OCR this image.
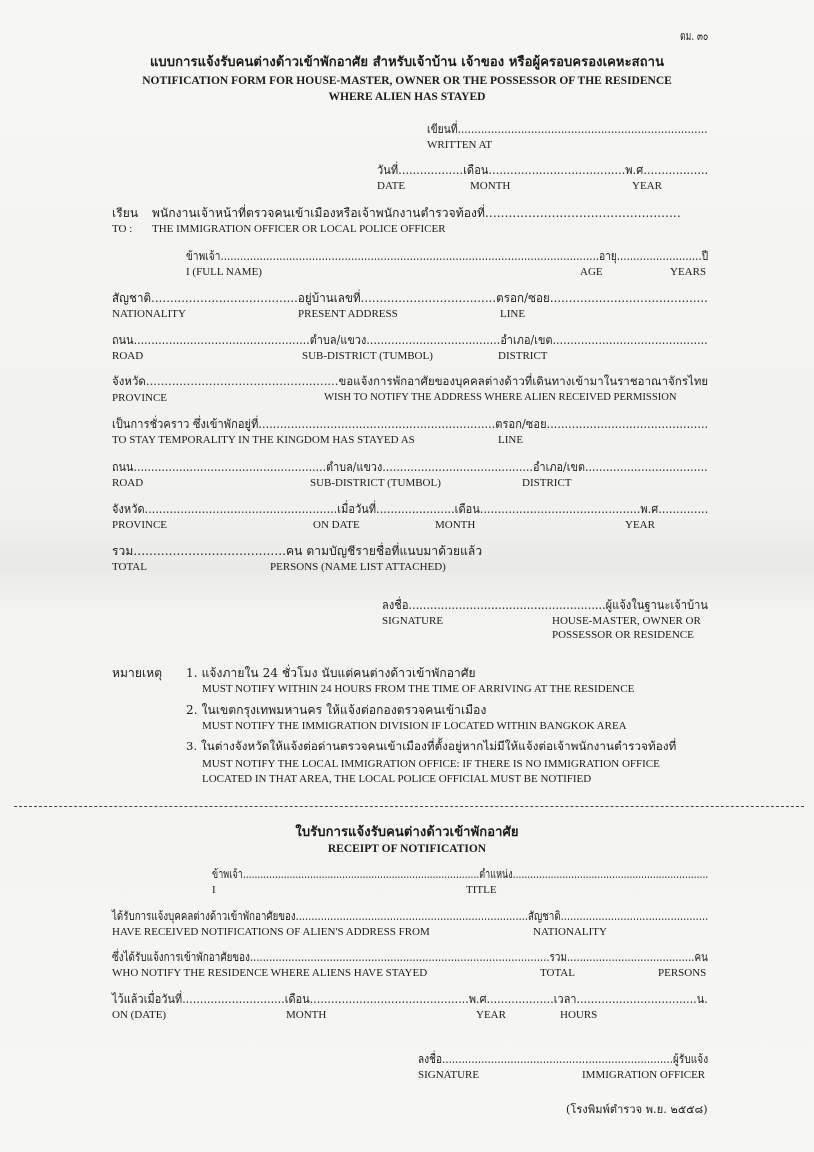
ตม. ๓๐
แบบการแจ้งรับคนต่างด้าวเข้าพักอาศัย สำหรับเจ้าบ้าน เจ้าของ หรือผู้ครอบครองเคหะสถาน
NOTIFICATION FORM FOR HOUSE-MASTER, OWNER OR THE POSSESSOR OF THE RESIDENCE
WHERE ALIEN HAS STAYED
เขียนที่...........................................................................
WRITTEN AT
วันที่..................เดือน......................................พ.ศ..................
DATE	MONTH	YEAR
เรียน พนักงานเจ้าหน้าที่ตรวจคนเข้าเมืองหรือเจ้าพนักงานตำรวจท้องที่..................................................
TO : THE IMMIGRATION OFFICER OR LOCAL POLICE OFFICER
ข้าพเจ้า....................................................................................................................อายุ..........................ปี
I (FULL NAME)	AGE	YEARS
สัญชาติ.......................................อยู่บ้านเลขที่....................................ตรอก/ซอย..........................................
NATIONALITY	PRESENT ADDRESS	LINE
ถนน..................................................ตำบล/แขวง......................................อำเภอ/เขต............................................
ROAD	SUB-DISTRICT (TUMBOL)	DISTRICT
จังหวัด....................................................ขอแจ้งการพักอาศัยของบุคคลต่างด้าวที่เดินทางเข้ามาในราชอาณาจักรไทย
PROVINCE	WISH TO NOTIFY THE ADDRESS WHERE ALIEN RECEIVED PERMISSION
เป็นการชั่วคราว ซึ่งเข้าพักอยู่ที่..................................................................ตรอก/ซอย.............................................
TO STAY TEMPORALITY IN THE KINGDOM HAS STAYED AS	LINE
ถนน.......................................................ตำบล/แขวง...........................................อำเภอ/เขต...................................
ROAD	SUB-DISTRICT (TUMBOL)	DISTRICT
จังหวัด......................................................เมื่อวันที่......................เดือน.............................................พ.ศ..............
PROVINCE	ON DATE	MONTH	YEAR
รวม.......................................คน ตามบัญชีรายชื่อที่แนบมาด้วยแล้ว
TOTAL	PERSONS (NAME LIST ATTACHED)
ลงชื่อ.......................................................ผู้แจ้งในฐานะเจ้าบ้าน
SIGNATURE	HOUSE-MASTER, OWNER OR
POSSESSOR OR RESIDENCE
หมายเหตุ 1. แจ้งภายใน 24 ชั่วโมง นับแต่คนต่างด้าวเข้าพักอาศัย
MUST NOTIFY WITHIN 24 HOURS FROM THE TIME OF ARRIVING AT THE RESIDENCE
2. ในเขตกรุงเทพมหานคร ให้แจ้งต่อกองตรวจคนเข้าเมือง
MUST NOTIFY THE IMMIGRATION DIVISION IF LOCATED WITHIN BANGKOK AREA
3. ในต่างจังหวัดให้แจ้งต่อด่านตรวจคนเข้าเมืองที่ตั้งอยู่หากไม่มีให้แจ้งต่อเจ้าพนักงานตำรวจท้องที่
MUST NOTIFY THE LOCAL IMMIGRATION OFFICE: IF THERE IS NO IMMIGRATION OFFICE
LOCATED IN THAT AREA, THE LOCAL POLICE OFFICIAL MUST BE NOTIFIED
ใบรับการแจ้งรับคนต่างด้าวเข้าพักอาศัย
RECEIPT OF NOTIFICATION
ข้าพเจ้า.................................................................................ตำแหน่ง...................................................................
I	TITLE
ได้รับการแจ้งบุคคลต่างด้าวเข้าพักอาศัยของ..........................................................................สัญชาติ...............................................
HAVE RECEIVED NOTIFICATIONS OF ALIEN'S ADDRESS FROM	NATIONALITY
ซึ่งได้รับแจ้งการเข้าพักอาศัยของ..............................................................................................รวม........................................คน
WHO NOTIFY THE RESIDENCE WHERE ALIENS HAVE STAYED	TOTAL	PERSONS
ไว้แล้วเมื่อวันที่.............................เดือน.............................................พ.ศ...................เวลา..................................น.
ON (DATE)	MONTH	YEAR	HOURS
ลงชื่อ.......................................................................ผู้รับแจ้ง
SIGNATURE	IMMIGRATION OFFICER
(โรงพิมพ์ตำรวจ พ.ย. ๒๕๕๘)
